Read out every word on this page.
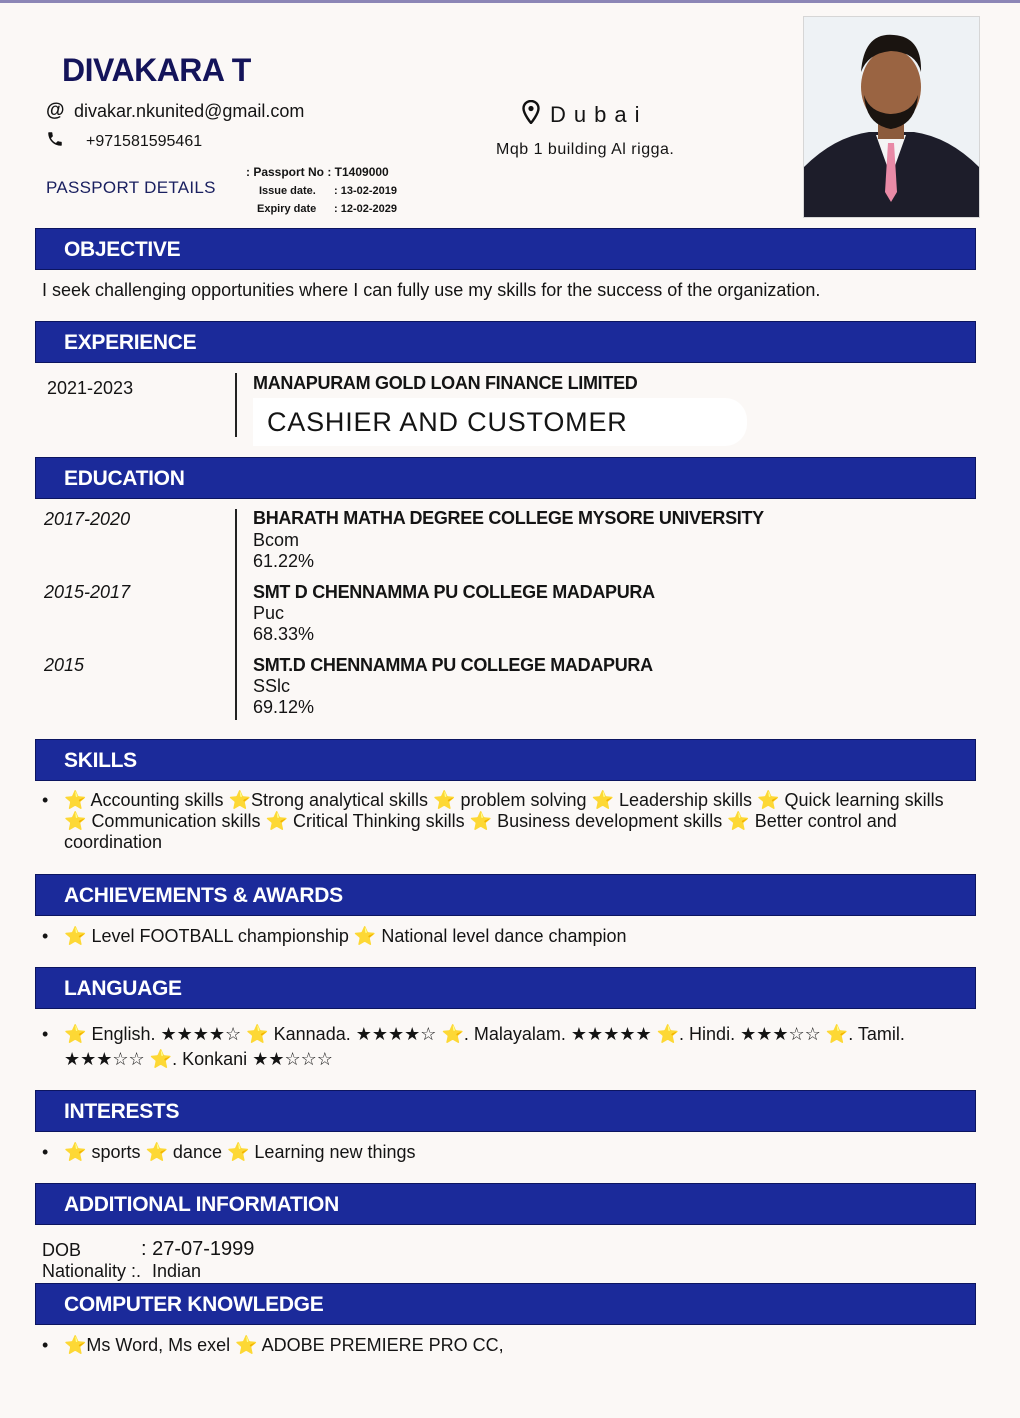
DIVAKARA T
@ divakar.nkunited@gmail.com
+971581595461
PASSPORT DETAILS
: Passport No : T1409000
Issue date. : 13-02-2019
Expiry date : 12-02-2029
Dubai
Mqb 1 building Al rigga.
OBJECTIVE
I seek challenging opportunities where I can fully use my skills for the success of the organization.
EXPERIENCE
2021-2023	MANAPURAM GOLD LOAN FINANCE LIMITED
CASHIER AND CUSTOMER
EDUCATION
2017-2020	BHARATH MATHA DEGREE COLLEGE MYSORE UNIVERSITY
Bcom
61.22%
2015-2017	SMT D CHENNAMMA PU COLLEGE MADAPURA
Puc
68.33%
2015	SMT.D CHENNAMMA PU COLLEGE MADAPURA
SSlc
69.12%
SKILLS
• ⭐ Accounting skills ⭐Strong analytical skills ⭐ problem solving ⭐ Leadership skills ⭐ Quick learning skills
⭐ Communication skills ⭐ Critical Thinking skills ⭐ Business development skills ⭐ Better control and
coordination
ACHIEVEMENTS & AWARDS
• ⭐ Level FOOTBALL championship ⭐ National level dance champion
LANGUAGE
• ⭐ English. ★★★★☆ ⭐ Kannada. ★★★★☆ ⭐. Malayalam. ★★★★★ ⭐. Hindi. ★★★☆☆ ⭐. Tamil.
★★★☆☆ ⭐. Konkani ★★☆☆☆
INTERESTS
• ⭐ sports ⭐ dance ⭐ Learning new things
ADDITIONAL INFORMATION
DOB	: 27-07-1999
Nationality :. Indian
COMPUTER KNOWLEDGE
• ⭐Ms Word, Ms exel ⭐ ADOBE PREMIERE PRO CC,
